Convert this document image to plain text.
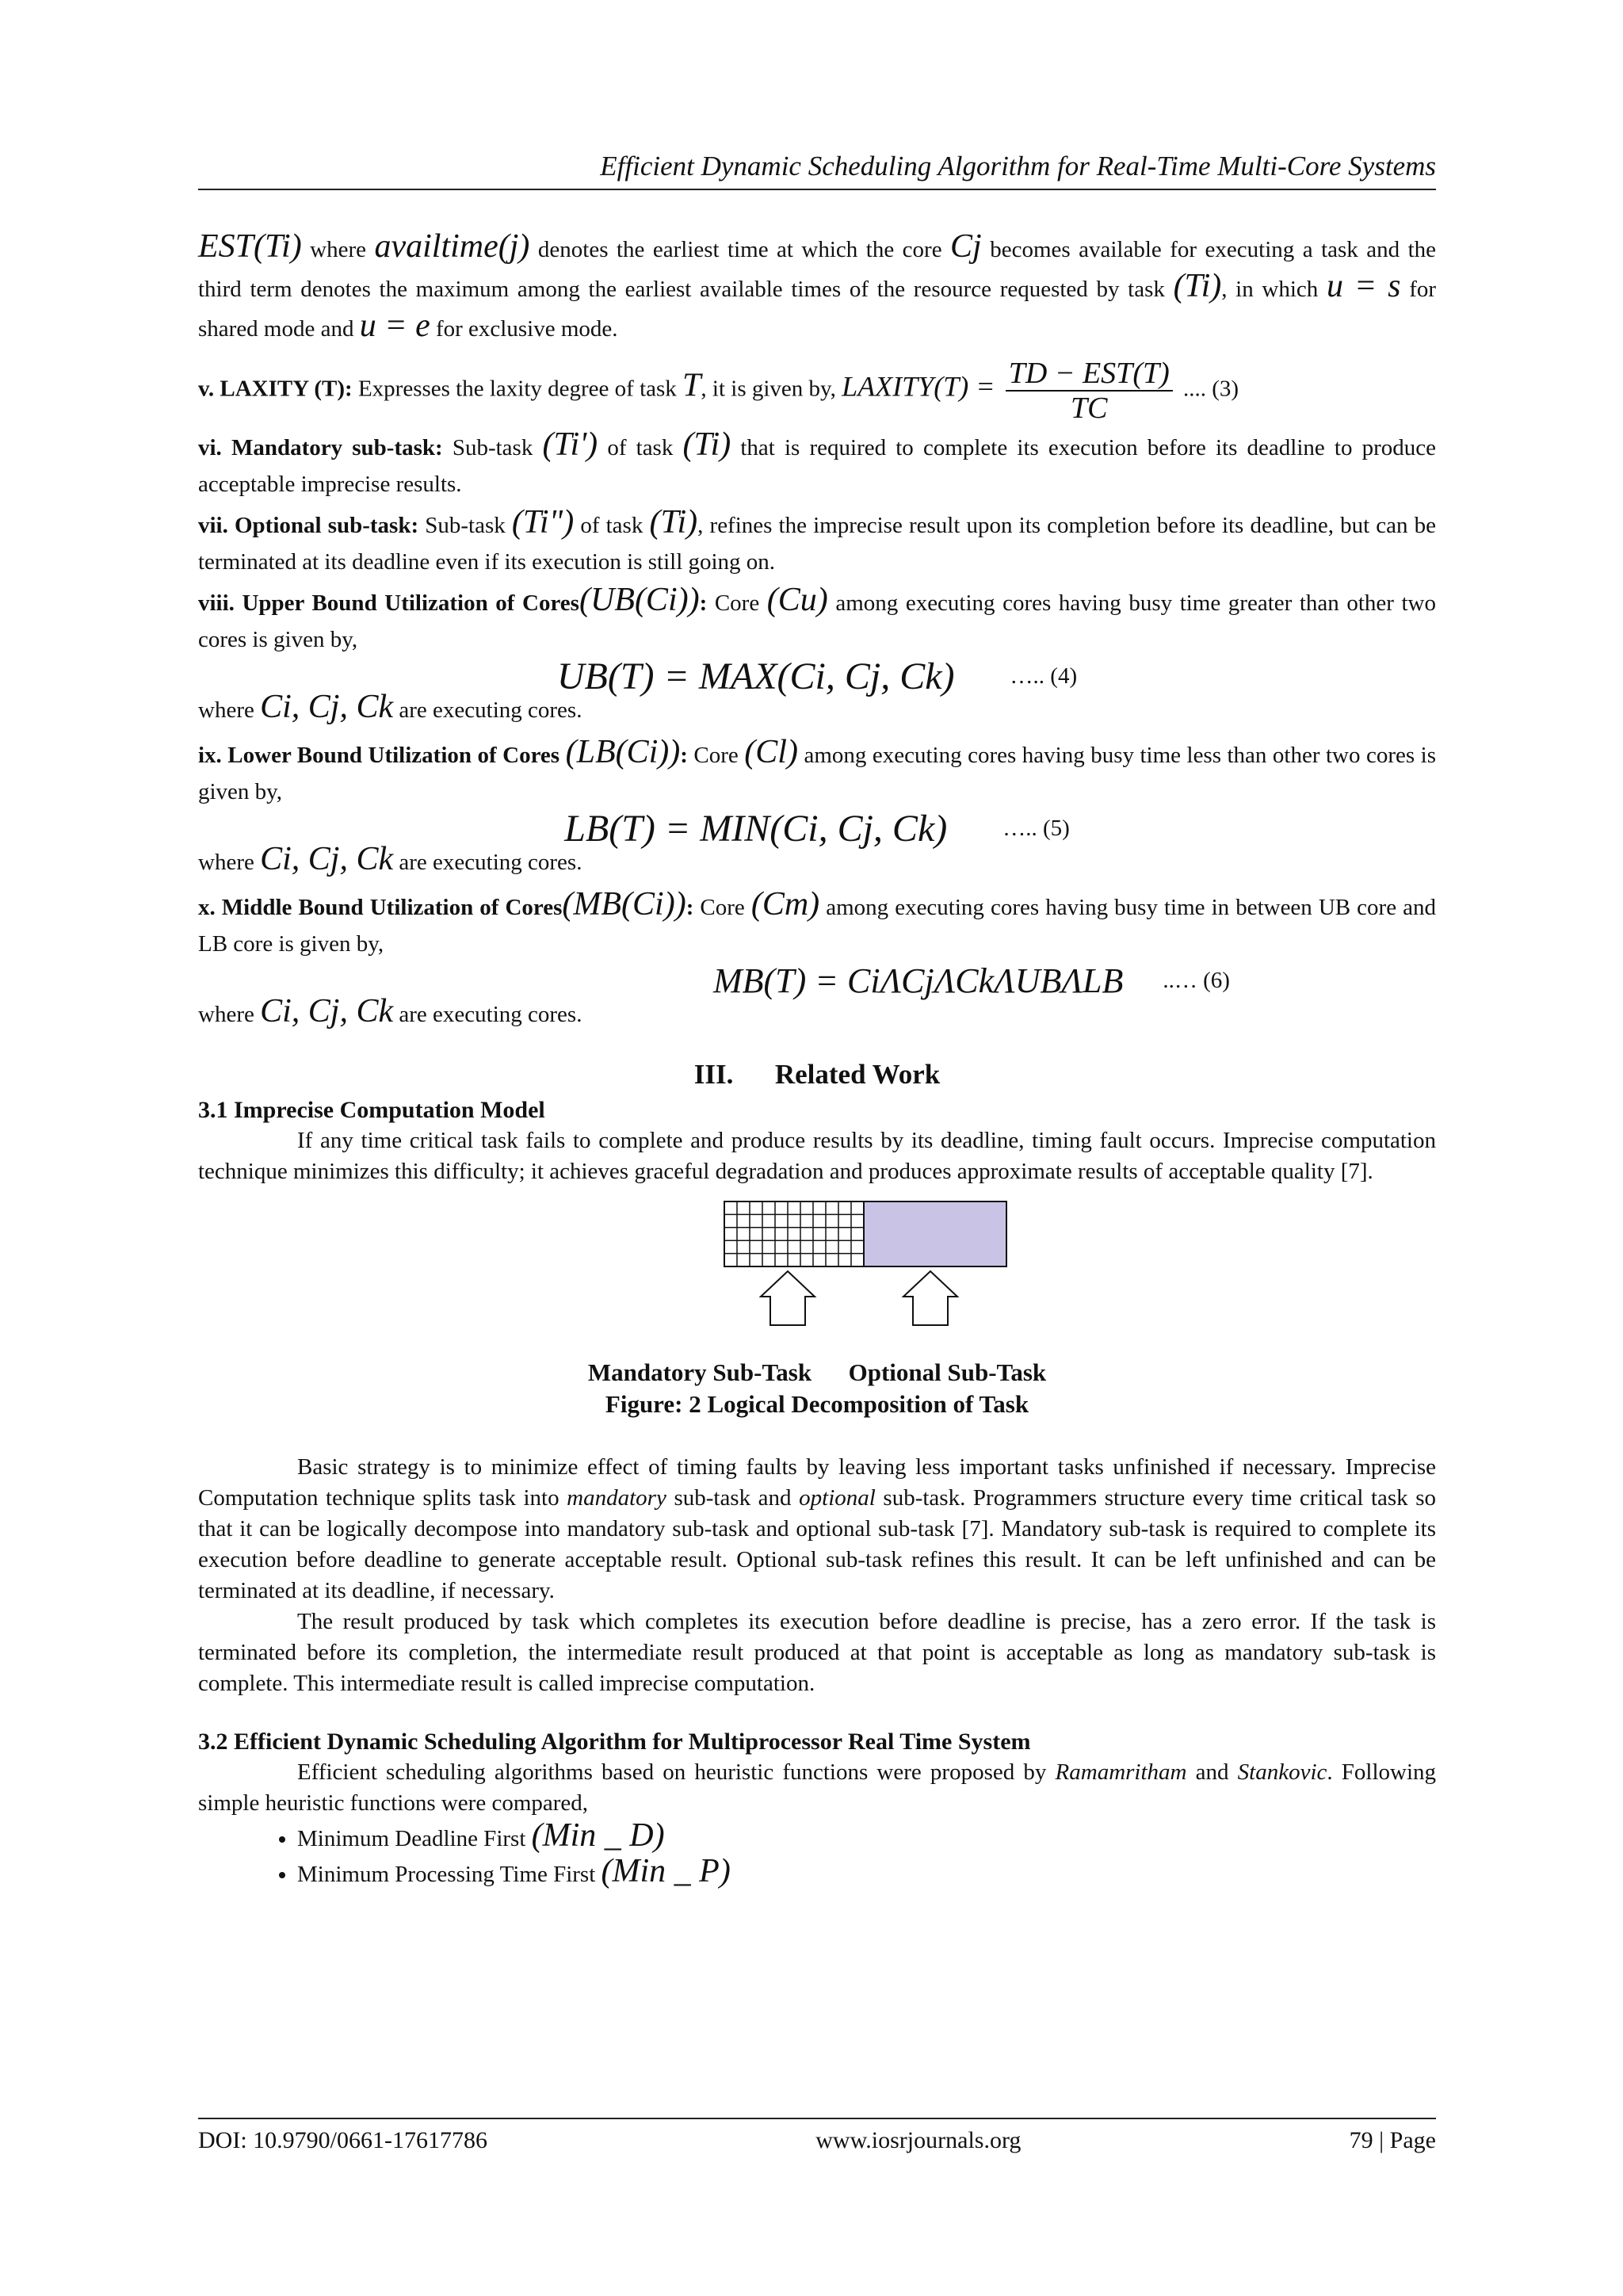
Efficient Dynamic Scheduling Algorithm for Real-Time Multi-Core Systems

EST(Ti) where availtime(j) denotes the earliest time at which the core Cj becomes available for executing a task and the third term denotes the maximum among the earliest available times of the resource requested by task (Ti), in which u = s for shared mode and u = e for exclusive mode.

v. LAXITY (T): Expresses the laxity degree of task T, it is given by, LAXITY(T) = $\frac{\text{TD − EST(T)}}{TC}$ .... (3)

vi. Mandatory sub-task: Sub-task (Ti') of task (Ti) that is required to complete its execution before its deadline to produce acceptable imprecise results.

vii. Optional sub-task: Sub-task (Ti") of task (Ti), refines the imprecise result upon its completion before its deadline, but can be terminated at its deadline even if its execution is still going on.

viii. Upper Bound Utilization of Cores(UB(Ci)): Core (Cu) among executing cores having busy time greater than other two cores is given by,

UB(T) = MAX(Ci, Cj, Ck) ….. (4)

where Ci, Cj, Ck are executing cores.

ix. Lower Bound Utilization of Cores (LB(Ci)): Core (Cl) among executing cores having busy time less than other two cores is given by,

LB(T) = MIN(Ci, Cj, Ck) ….. (5)

where Ci, Cj, Ck are executing cores.

x. Middle Bound Utilization of Cores(MB(Ci)): Core (Cm) among executing cores having busy time in between UB core and LB core is given by,

MB(T) = CiΛCjΛCkΛUBΛLB ..… (6)

where Ci, Cj, Ck are executing cores.

III.      Related Work

3.1 Imprecise Computation Model

If any time critical task fails to complete and produce results by its deadline, timing fault occurs. Imprecise computation technique minimizes this difficulty; it achieves graceful degradation and produces approximate results of acceptable quality [7].

Mandatory Sub-Task Optional Sub-Task
Figure: 2 Logical Decomposition of Task

Basic strategy is to minimize effect of timing faults by leaving less important tasks unfinished if necessary. Imprecise Computation technique splits task into mandatory sub-task and optional sub-task. Programmers structure every time critical task so that it can be logically decompose into mandatory sub-task and optional sub-task [7]. Mandatory sub-task is required to complete its execution before deadline to generate acceptable result. Optional sub-task refines this result. It can be left unfinished and can be terminated at its deadline, if necessary.

The result produced by task which completes its execution before deadline is precise, has a zero error. If the task is terminated before its completion, the intermediate result produced at that point is acceptable as long as mandatory sub-task is complete. This intermediate result is called imprecise computation.

3.2 Efficient Dynamic Scheduling Algorithm for Multiprocessor Real Time System

Efficient scheduling algorithms based on heuristic functions were proposed by Ramamritham and Stankovic. Following simple heuristic functions were compared,

• Minimum Deadline First (Min _ D)
• Minimum Processing Time First (Min _ P)
DOI: 10.9790/0661-17617786	www.iosrjournals.org	79 | Page
